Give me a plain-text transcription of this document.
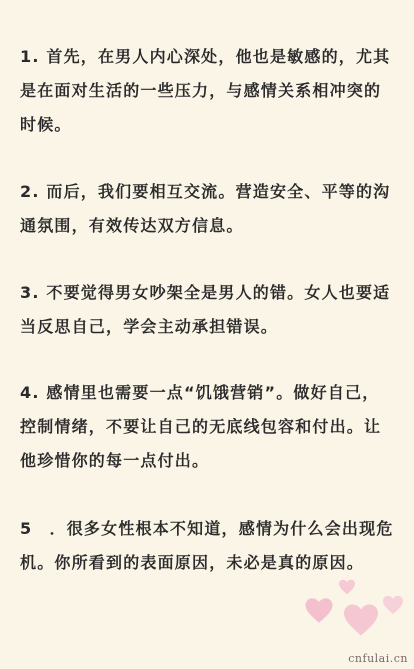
1. 首先，在男人内心深处，他也是敏感的，尤其是在面对生活的一些压力，与感情关系相冲突的时候。

2. 而后，我们要相互交流。营造安全、平等的沟通氛围，有效传达双方信息。

3. 不要觉得男女吵架全是男人的错。女人也要适当反思自己，学会主动承担错误。

4. 感情里也需要一点“饥饿营销”。做好自己，控制情绪，不要让自己的无底线包容和付出。让他珍惜你的每一点付出。

5　．很多女性根本不知道，感情为什么会出现危机。你所看到的表面原因，未必是真的原因。

cnfulai.cn
